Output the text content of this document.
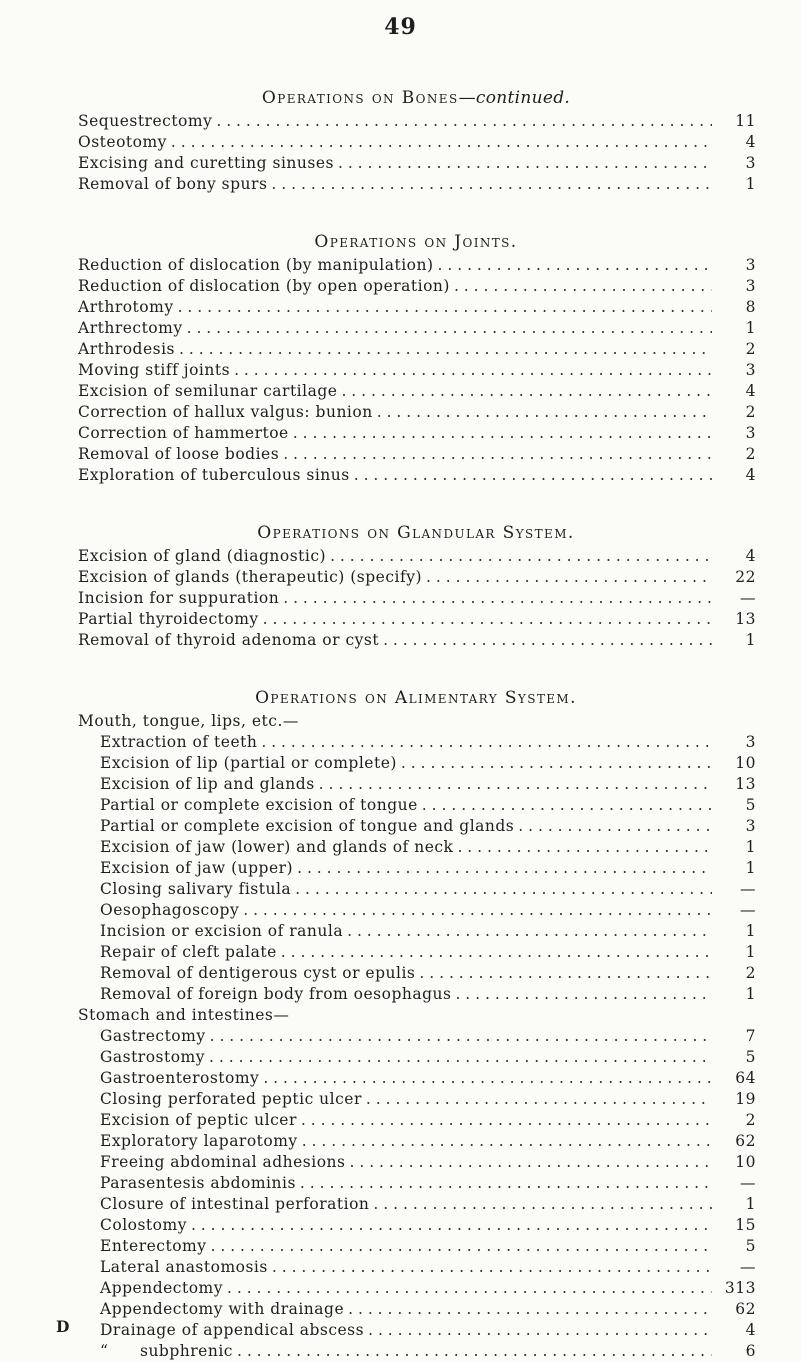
49
Operations on Bones—continued.
Sequestrectomy . . .	11
Osteotomy . . .	4
Excising and curetting sinuses . . .	3
Removal of bony spurs . . .	1
Operations on Joints.
Reduction of dislocation (by manipulation) . . .	3
Reduction of dislocation (by open operation) . . .	3
Arthrotomy . . .	8
Arthrectomy . . .	1
Arthrodesis . . .	2
Moving stiff joints . . .	3
Excision of semilunar cartilage . . .	4
Correction of hallux valgus: bunion . . .	2
Correction of hammertoe . . .	3
Removal of loose bodies . . .	2
Exploration of tuberculous sinus . . .	4
Operations on Glandular System.
Excision of gland (diagnostic) . . .	4
Excision of glands (therapeutic) (specify) . . .	22
Incision for suppuration . . .	—
Partial thyroidectomy . . .	13
Removal of thyroid adenoma or cyst . . .	1
Operations on Alimentary System.
Mouth, tongue, lips, etc.—
Extraction of teeth . . .	3
Excision of lip (partial or complete) . . .	10
Excision of lip and glands . . .	13
Partial or complete excision of tongue . . .	5
Partial or complete excision of tongue and glands . . .	3
Excision of jaw (lower) and glands of neck . . .	1
Excision of jaw (upper) . . .	1
Closing salivary fistula . . .	—
Oesophagoscopy . . .	—
Incision or excision of ranula . . .	1
Repair of cleft palate . . .	1
Removal of dentigerous cyst or epulis . . .	2
Removal of foreign body from oesophagus . . .	1
Stomach and intestines—
Gastrectomy . . .	7
Gastrostomy . . .	5
Gastroenterostomy . . .	64
Closing perforated peptic ulcer . . .	19
Excision of peptic ulcer . . .	2
Exploratory laparotomy . . .	62
Freeing abdominal adhesions . . .	10
Parasentesis abdominis . . .	—
Closure of intestinal perforation . . .	1
Colostomy . . .	15
Enterectomy . . .	5
Lateral anastomosis . . .	—
Appendectomy . . .	313
Appendectomy with drainage . . .	62
Drainage of appendical abscess . . .	4
“ subphrenic . . .	6
D
